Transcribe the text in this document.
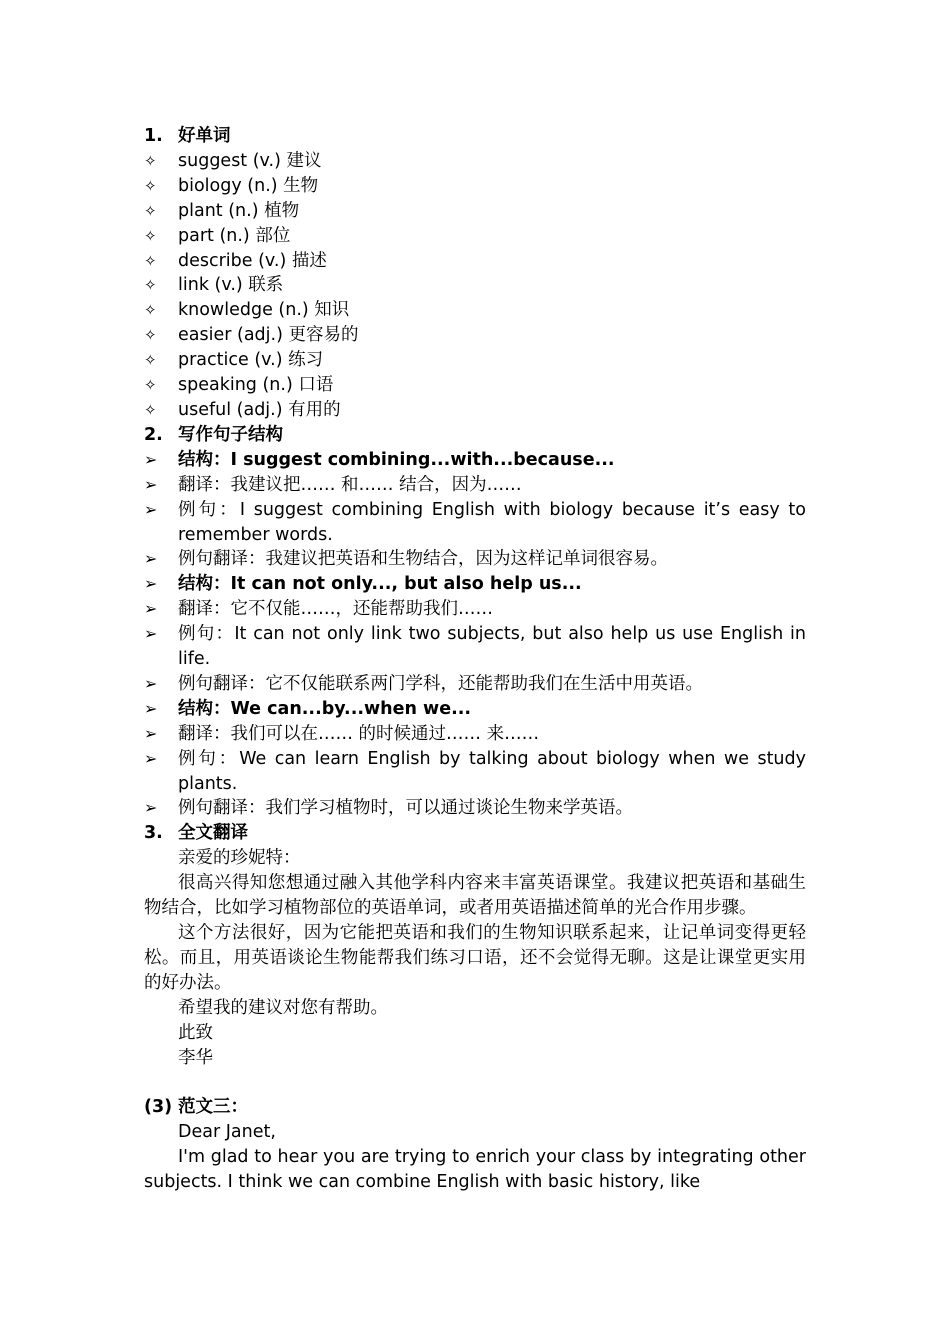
1. 好单词
✧	suggest (v.) 建议
✧	biology (n.) 生物
✧	plant (n.) 植物
✧	part (n.) 部位
✧	describe (v.) 描述
✧	link (v.) 联系
✧	knowledge (n.) 知识
✧	easier (adj.) 更容易的
✧	practice (v.) 练习
✧	speaking (n.) 口语
✧	useful (adj.) 有用的
2. 写作句子结构
➢	结构：I suggest combining...with...because...
➢	翻译：我建议把…… 和…… 结合，因为……
➢	例句：I suggest combining English with biology because it’s easy to remember words.
➢	例句翻译：我建议把英语和生物结合，因为这样记单词很容易。
➢	结构：It can not only..., but also help us...
➢	翻译：它不仅能……，还能帮助我们……
➢	例句：It can not only link two subjects, but also help us use English in life.
➢	例句翻译：它不仅能联系两门学科，还能帮助我们在生活中用英语。
➢	结构：We can...by...when we...
➢	翻译：我们可以在…… 的时候通过…… 来……
➢	例句：We can learn English by talking about biology when we study plants.
➢	例句翻译：我们学习植物时，可以通过谈论生物来学英语。
3. 全文翻译
亲爱的珍妮特：
很高兴得知您想通过融入其他学科内容来丰富英语课堂。我建议把英语和基础生物结合，比如学习植物部位的英语单词，或者用英语描述简单的光合作用步骤。
这个方法很好，因为它能把英语和我们的生物知识联系起来，让记单词变得更轻松。而且，用英语谈论生物能帮我们练习口语，还不会觉得无聊。这是让课堂更实用的好办法。
希望我的建议对您有帮助。
此致
李华
(3) 范文三：
Dear Janet,
I'm glad to hear you are trying to enrich your class by integrating other subjects. I think we can combine English with basic history, like
